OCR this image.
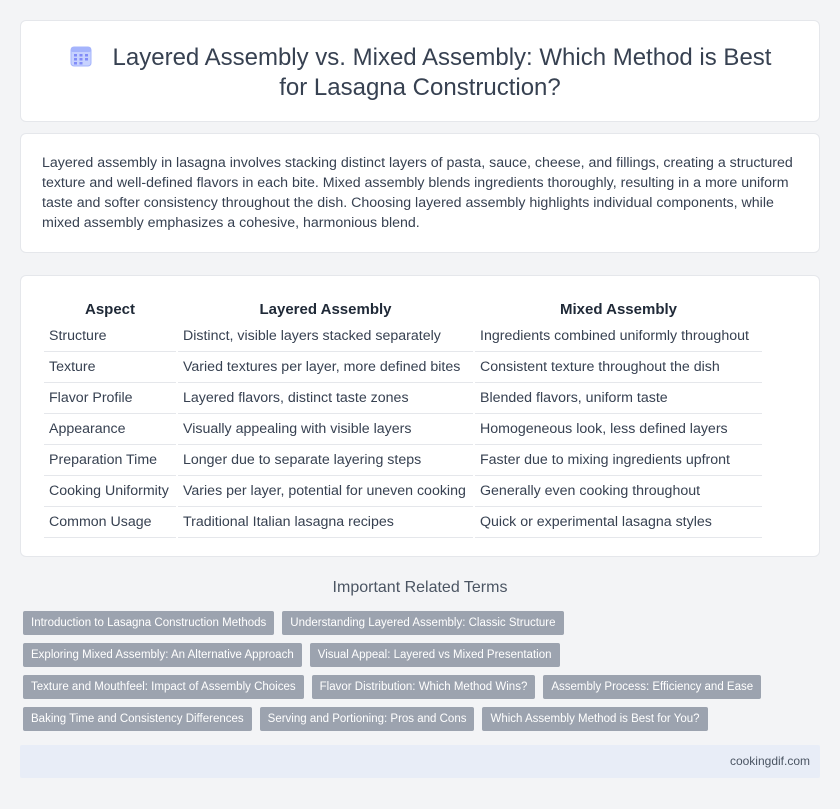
Layered Assembly vs. Mixed Assembly: Which Method is Best for Lasagna Construction?

Layered assembly in lasagna involves stacking distinct layers of pasta, sauce, cheese, and fillings, creating a structured texture and well-defined flavors in each bite. Mixed assembly blends ingredients thoroughly, resulting in a more uniform taste and softer consistency throughout the dish. Choosing layered assembly highlights individual components, while mixed assembly emphasizes a cohesive, harmonious blend.

Aspect	Layered Assembly	Mixed Assembly
Structure	Distinct, visible layers stacked separately	Ingredients combined uniformly throughout
Texture	Varied textures per layer, more defined bites	Consistent texture throughout the dish
Flavor Profile	Layered flavors, distinct taste zones	Blended flavors, uniform taste
Appearance	Visually appealing with visible layers	Homogeneous look, less defined layers
Preparation Time	Longer due to separate layering steps	Faster due to mixing ingredients upfront
Cooking Uniformity	Varies per layer, potential for uneven cooking	Generally even cooking throughout
Common Usage	Traditional Italian lasagna recipes	Quick or experimental lasagna styles
Important Related Terms
Introduction to Lasagna Construction Methods	Understanding Layered Assembly: Classic Structure
Exploring Mixed Assembly: An Alternative Approach	Visual Appeal: Layered vs Mixed Presentation
Texture and Mouthfeel: Impact of Assembly Choices	Flavor Distribution: Which Method Wins?	Assembly Process: Efficiency and Ease
Baking Time and Consistency Differences	Serving and Portioning: Pros and Cons	Which Assembly Method is Best for You?
cookingdif.com
